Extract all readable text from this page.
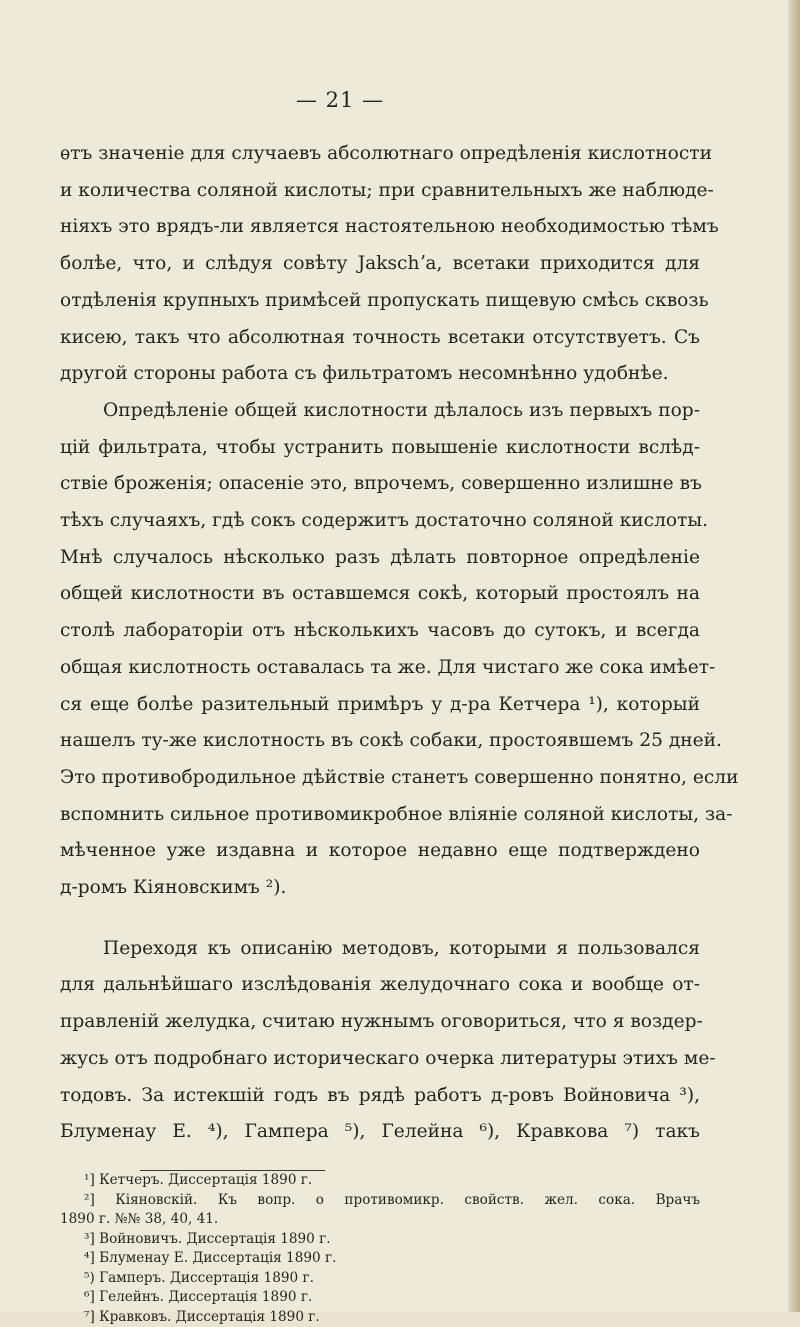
— 21 —
ѳтъ значеніе для случаевъ абсолютнаго опредѣленія кислотности
и количества соляной кислоты; при сравнительныхъ же наблюде-
ніяхъ это врядъ-ли является настоятельною необходимостью тѣмъ
болѣе, что, и слѣдуя совѣту Jakschʼa, всетаки приходится для
отдѣленія крупныхъ примѣсей пропускать пищевую смѣсь сквозь
кисею, такъ что абсолютная точность всетаки отсутствуетъ. Съ
другой стороны работа съ фильтратомъ несомнѣнно удобнѣе.
Опредѣленіе общей кислотности дѣлалось изъ первыхъ пор-
цій фильтрата, чтобы устранить повышеніе кислотности вслѣд-
ствіе броженія; опасеніе это, впрочемъ, совершенно излишне въ
тѣхъ случаяхъ, гдѣ сокъ содержитъ достаточно соляной кислоты.
Мнѣ случалось нѣсколько разъ дѣлать повторное опредѣленіе
общей кислотности въ оставшемся сокѣ, который простоялъ на
столѣ лабораторіи отъ нѣсколькихъ часовъ до сутокъ, и всегда
общая кислотность оставалась та же. Для чистаго же сока имѣет-
ся еще болѣе разительный примѣръ у д-ра Кетчера ¹), который
нашелъ ту-же кислотность въ сокѣ собаки, простоявшемъ 25 дней.
Это противобродильное дѣйствіе станетъ совершенно понятно, если
вспомнить сильное противомикробное вліяніе соляной кислоты, за-
мѣченное уже издавна и которое недавно еще подтверждено
д-ромъ Кіяновскимъ ²).
Переходя къ описанію методовъ, которыми я пользовался
для дальнѣйшаго изслѣдованія желудочнаго сока и вообще от-
правленій желудка, считаю нужнымъ оговориться, что я воздер-
жусь отъ подробнаго историческаго очерка литературы этихъ ме-
тодовъ. За истекшій годъ въ рядѣ работъ д-ровъ Войновича ³),
Блуменау Е. ⁴), Гампера ⁵), Гелейна ⁶), Кравкова ⁷) такъ
¹] Кетчеръ. Диссертація 1890 г.
²] Кіяновскій. Къ вопр. о противомикр. свойств. жел. сока. Врачъ
1890 г. №№ 38, 40, 41.
³] Войновичъ. Диссертація 1890 г.
⁴] Блуменау Е. Диссертація 1890 г.
⁵) Гамперъ. Диссертація 1890 г.
⁶] Гелейнъ. Диссертація 1890 г.
⁷] Кравковъ. Диссертація 1890 г.
